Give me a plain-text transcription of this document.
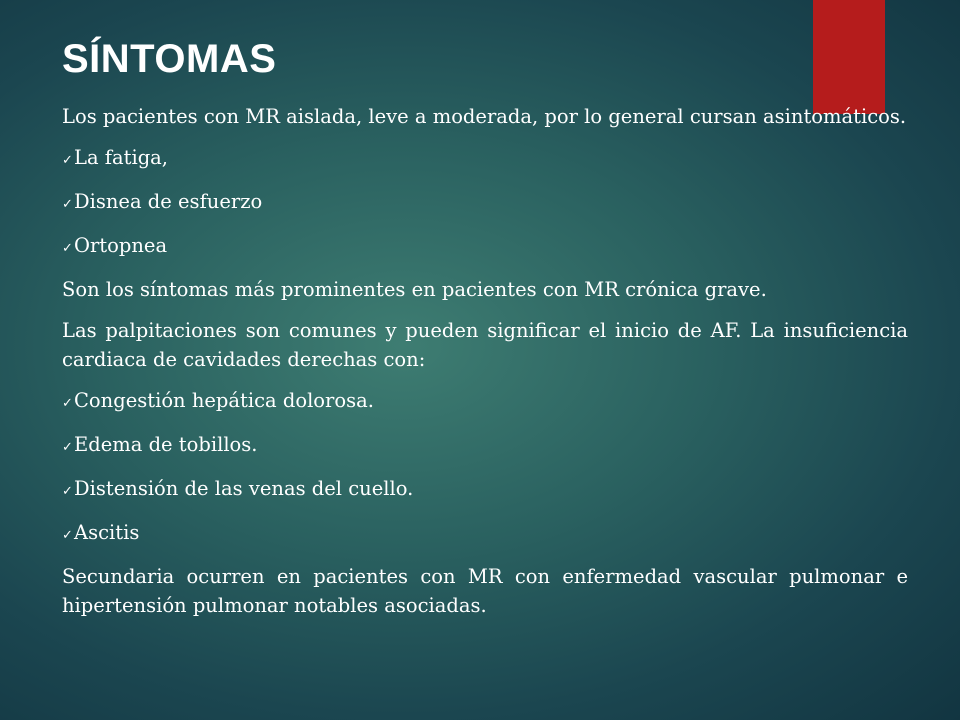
SÍNTOMAS

Los pacientes con MR aislada, leve a moderada, por lo general cursan asintomáticos.

✓ La fatiga,
✓ Disnea de esfuerzo
✓ Ortopnea

Son los síntomas más prominentes en pacientes con MR crónica grave.

Las palpitaciones son comunes y pueden significar el inicio de AF. La insuficiencia cardiaca de cavidades derechas con:

✓ Congestión hepática dolorosa.
✓ Edema de tobillos.
✓ Distensión de las venas del cuello.
✓ Ascitis

Secundaria ocurren en pacientes con MR con enfermedad vascular pulmonar e hipertensión pulmonar notables asociadas.
